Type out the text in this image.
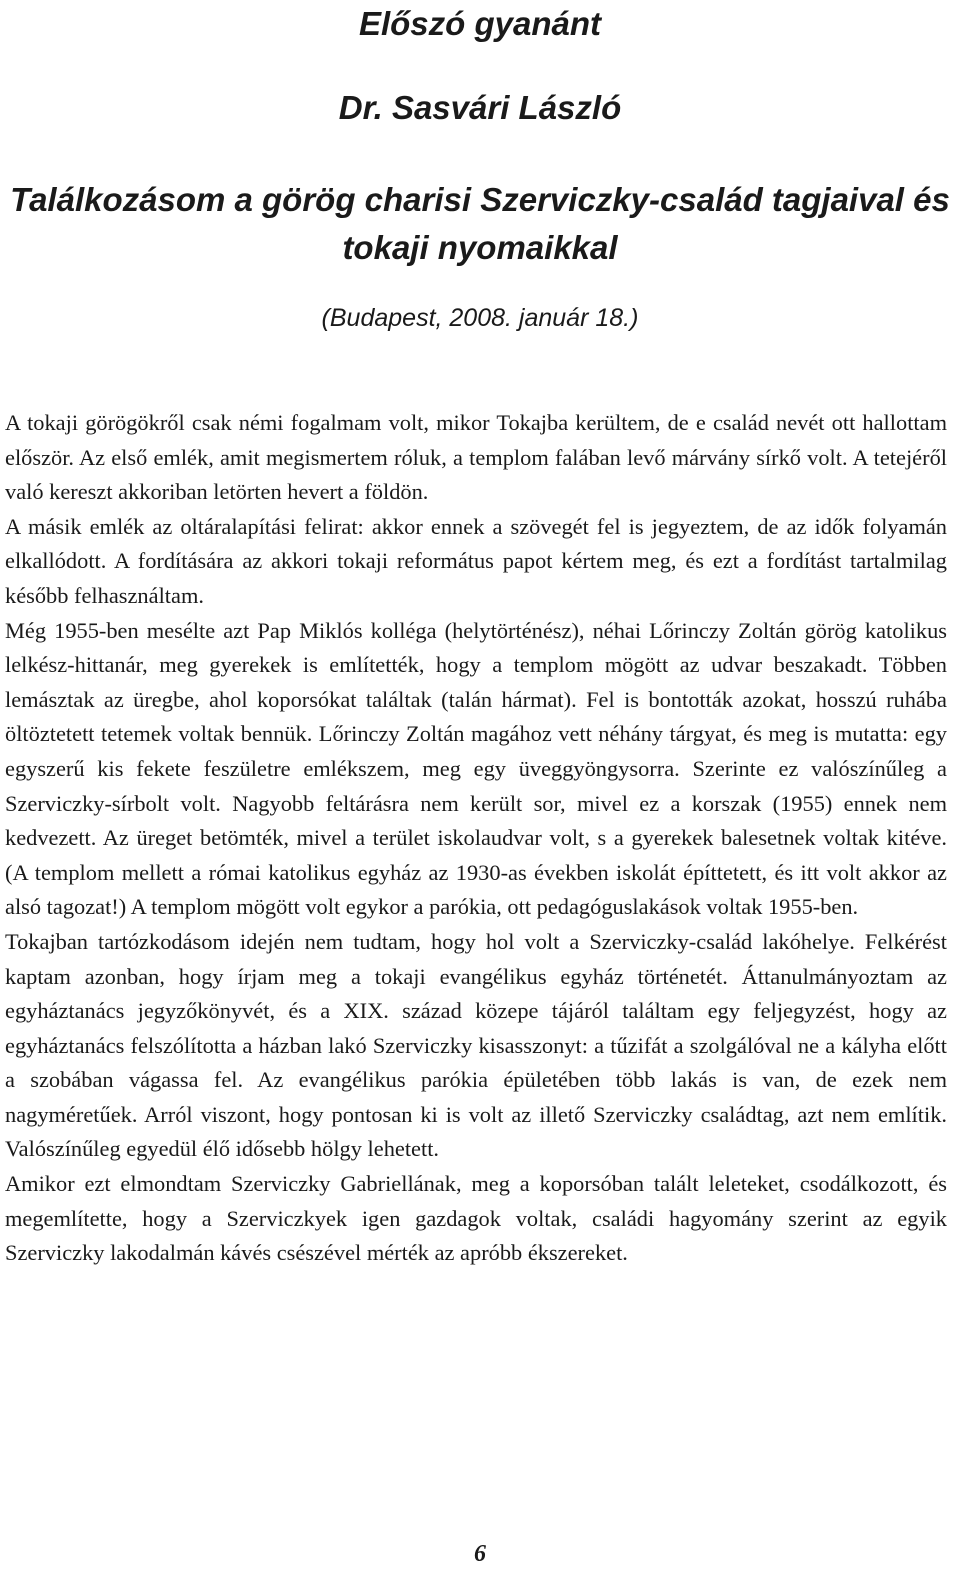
Előszó gyanánt
Dr. Sasvári László
Találkozásom a görög charisi Szerviczky-család tagjaival és tokaji nyomaikkal

(Budapest, 2008. január 18.)

A tokaji görögökről csak némi fogalmam volt, mikor Tokajba kerültem, de e család nevét ott hallottam először. Az első emlék, amit megismertem róluk, a templom falában levő márvány sírkő volt. A tetejéről való kereszt akkoriban letörten hevert a földön.

A másik emlék az oltáralapítási felirat: akkor ennek a szövegét fel is jegyeztem, de az idők folyamán elkallódott. A fordítására az akkori tokaji református papot kértem meg, és ezt a fordítást tartalmilag később felhasználtam.

Még 1955-ben mesélte azt Pap Miklós kolléga (helytörténész), néhai Lőrinczy Zoltán görög katolikus lelkész-hittanár, meg gyerekek is említették, hogy a templom mögött az udvar beszakadt. Többen lemásztak az üregbe, ahol koporsókat találtak (talán hármat). Fel is bontották azokat, hosszú ruhába öltöztetett tetemek voltak bennük. Lőrinczy Zoltán magához vett néhány tárgyat, és meg is mutatta: egy egyszerű kis fekete feszületre emlékszem, meg egy üveggyöngysorra. Szerinte ez valószínűleg a Szerviczky-sírbolt volt. Nagyobb feltárásra nem került sor, mivel ez a korszak (1955) ennek nem kedvezett. Az üreget betömték, mivel a terület iskolaudvar volt, s a gyerekek balesetnek voltak kitéve. (A templom mellett a római katolikus egyház az 1930-as években iskolát építtetett, és itt volt akkor az alsó tagozat!) A templom mögött volt egykor a parókia, ott pedagóguslakások voltak 1955-ben.

Tokajban tartózkodásom idején nem tudtam, hogy hol volt a Szerviczky-család lakóhelye. Felkérést kaptam azonban, hogy írjam meg a tokaji evangélikus egyház történetét. Áttanulmányoztam az egyháztanács jegyzőkönyvét, és a XIX. század közepe tájáról találtam egy feljegyzést, hogy az egyháztanács felszólította a házban lakó Szerviczky kisasszonyt: a tűzifát a szolgálóval ne a kályha előtt a szobában vágassa fel. Az evangélikus parókia épületében több lakás is van, de ezek nem nagyméretűek. Arról viszont, hogy pontosan ki is volt az illető Szerviczky családtag, azt nem említik. Valószínűleg egyedül élő idősebb hölgy lehetett.

Amikor ezt elmondtam Szerviczky Gabriellának, meg a koporsóban talált leleteket, csodálkozott, és megemlítette, hogy a Szerviczkyek igen gazdagok voltak, családi hagyomány szerint az egyik Szerviczky lakodalmán kávés csészével mérték az apróbb ékszereket.

6
